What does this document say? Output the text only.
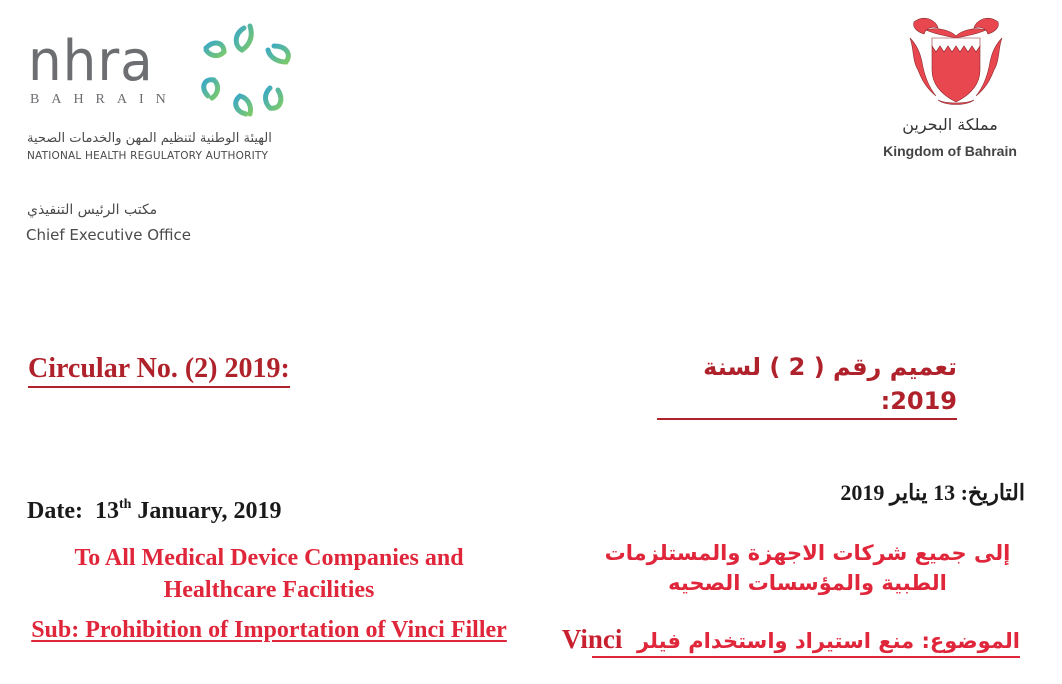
nhra
BAHRAIN
الهيئة الوطنية لتنظيم المهن والخدمات الصحية
NATIONAL HEALTH REGULATORY AUTHORITY
مكتب الرئيس التنفيذي
Chief Executive Office
مملكة البحرين
Kingdom of Bahrain
Circular No. (2) 2019:	تعميم رقم ( 2 ) لسنة 2019:
Date: 13th January, 2019
التاريخ: 13 يناير 2019
To All Medical Device Companies and Healthcare Facilities
إلى جميع شركات الاجهزة والمستلزمات الطبية والمؤسسات الصحيه
Sub: Prohibition of Importation of Vinci Filler	الموضوع: منع استيراد واستخدام فيلر  Vinci
